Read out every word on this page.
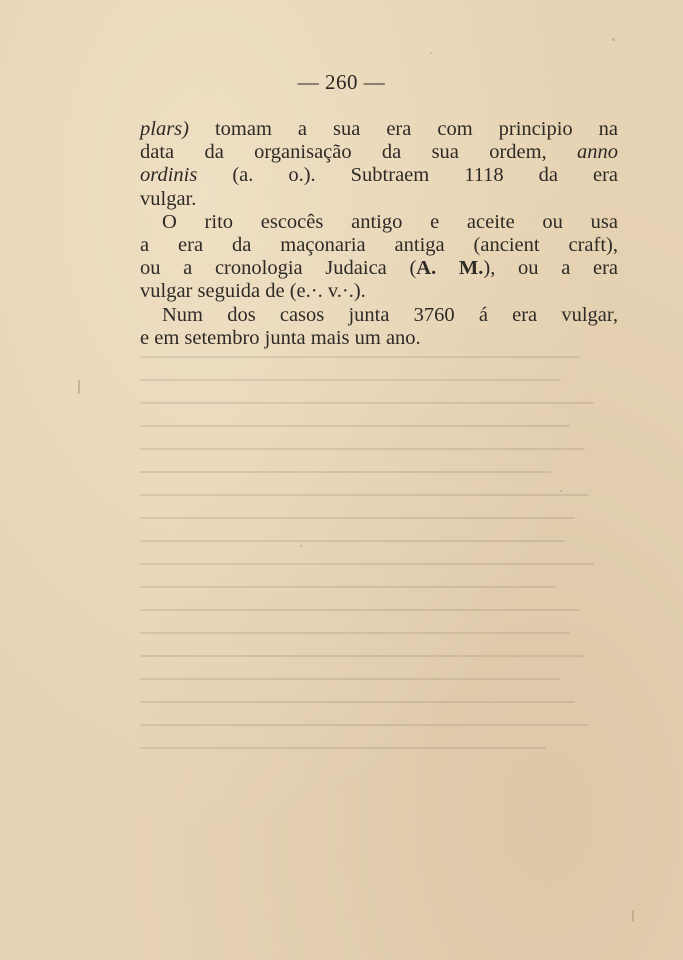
— 260 —
plars) tomam a sua era com principio na
data da organisação da sua ordem, anno
ordinis (a. o.). Subtraem 1118 da era
vulgar.
O rito escocês antigo e aceite ou usa
a era da maçonaria antiga (ancient craft),
ou a cronologia Judaica (A. M.), ou a era
vulgar seguida de (e.·. v.·.).
Num dos casos junta 3760 á era vulgar,
e em setembro junta mais um ano.
